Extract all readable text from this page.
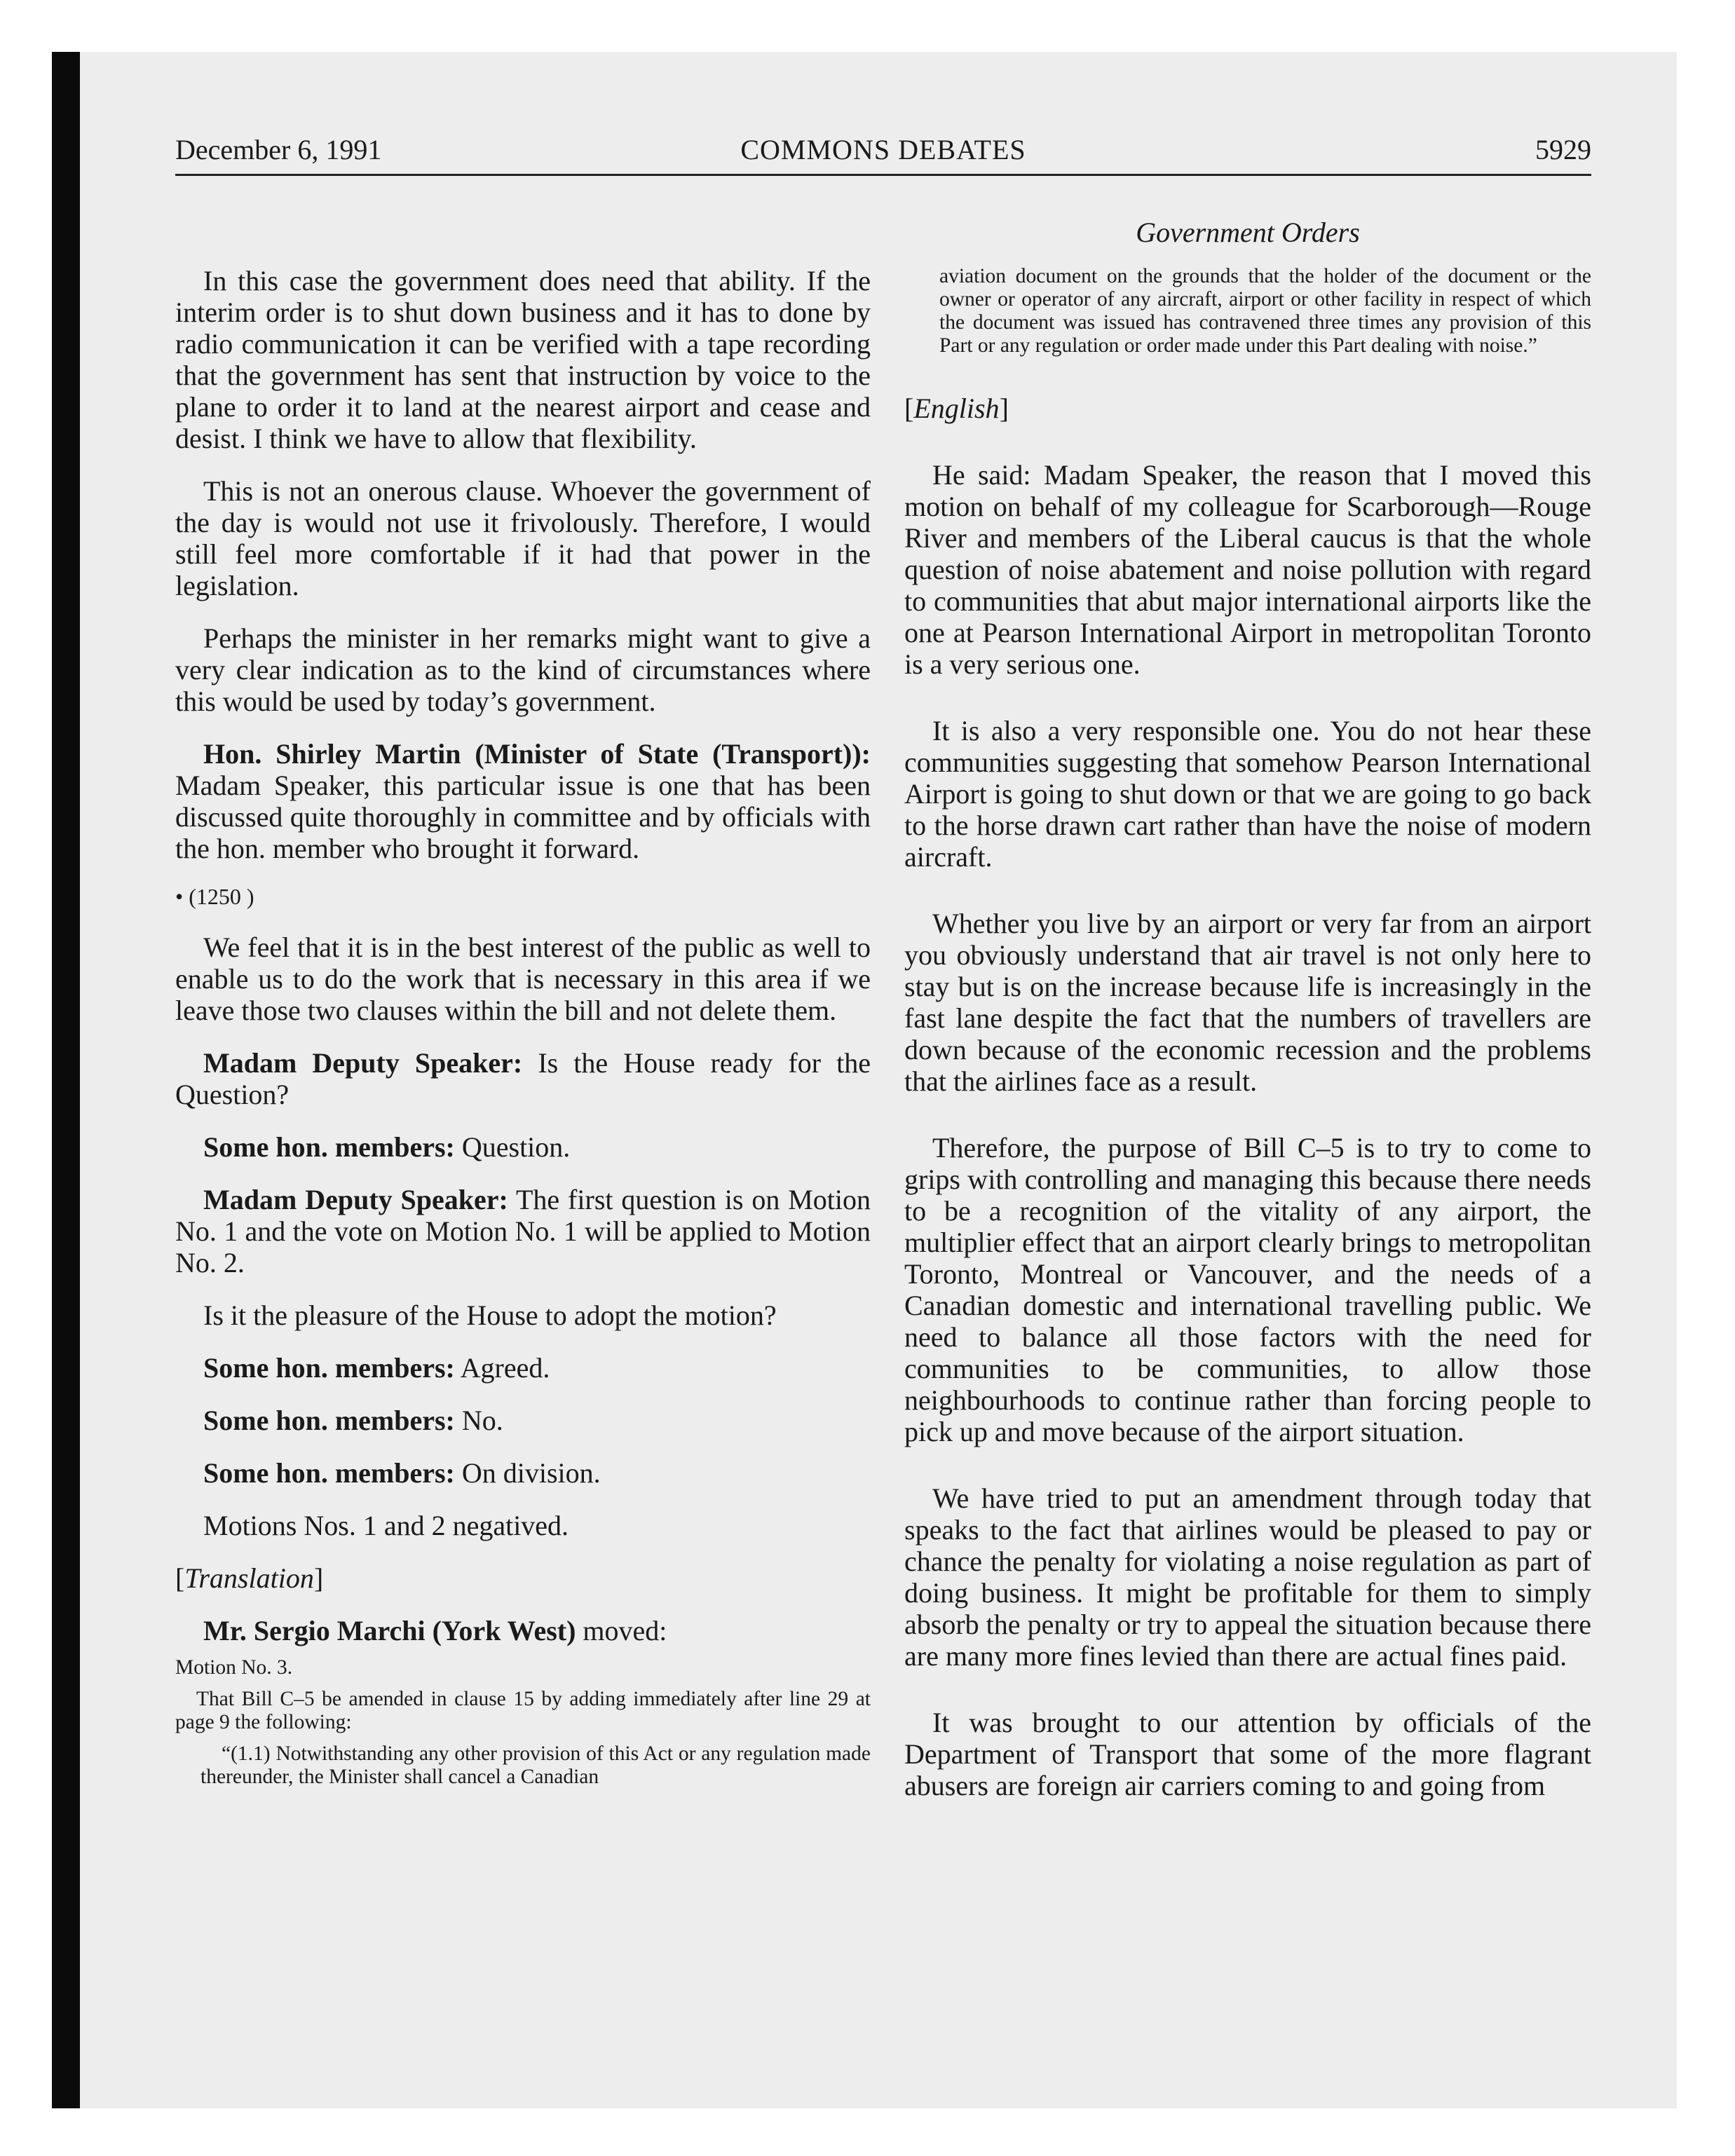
December 6, 1991	COMMONS DEBATES	5929
Government Orders

In this case the government does need that ability. If the interim order is to shut down business and it has to done by radio communication it can be verified with a tape recording that the government has sent that instruction by voice to the plane to order it to land at the nearest airport and cease and desist. I think we have to allow that flexibility.

This is not an onerous clause. Whoever the government of the day is would not use it frivolously. Therefore, I would still feel more comfortable if it had that power in the legislation.

Perhaps the minister in her remarks might want to give a very clear indication as to the kind of circumstances where this would be used by today’s government.

Hon. Shirley Martin (Minister of State (Transport)): Madam Speaker, this particular issue is one that has been discussed quite thoroughly in committee and by officials with the hon. member who brought it forward.

• (1250 )

We feel that it is in the best interest of the public as well to enable us to do the work that is necessary in this area if we leave those two clauses within the bill and not delete them.

Madam Deputy Speaker: Is the House ready for the Question?

Some hon. members: Question.

Madam Deputy Speaker: The first question is on Motion No. 1 and the vote on Motion No. 1 will be applied to Motion No. 2.

Is it the pleasure of the House to adopt the motion?

Some hon. members: Agreed.

Some hon. members: No.

Some hon. members: On division.

Motions Nos. 1 and 2 negatived.

[Translation]

Mr. Sergio Marchi (York West) moved:

Motion No. 3.

That Bill C–5 be amended in clause 15 by adding immediately after line 29 at page 9 the following:

“(1.1) Notwithstanding any other provision of this Act or any regulation made thereunder, the Minister shall cancel a Canadian

aviation document on the grounds that the holder of the document or the owner or operator of any aircraft, airport or other facility in respect of which the document was issued has contravened three times any provision of this Part or any regulation or order made under this Part dealing with noise.”

[English]

He said: Madam Speaker, the reason that I moved this motion on behalf of my colleague for Scarborough—Rouge River and members of the Liberal caucus is that the whole question of noise abatement and noise pollution with regard to communities that abut major international airports like the one at Pearson International Airport in metropolitan Toronto is a very serious one.

It is also a very responsible one. You do not hear these communities suggesting that somehow Pearson International Airport is going to shut down or that we are going to go back to the horse drawn cart rather than have the noise of modern aircraft.

Whether you live by an airport or very far from an airport you obviously understand that air travel is not only here to stay but is on the increase because life is increasingly in the fast lane despite the fact that the numbers of travellers are down because of the economic recession and the problems that the airlines face as a result.

Therefore, the purpose of Bill C–5 is to try to come to grips with controlling and managing this because there needs to be a recognition of the vitality of any airport, the multiplier effect that an airport clearly brings to metropolitan Toronto, Montreal or Vancouver, and the needs of a Canadian domestic and international travelling public. We need to balance all those factors with the need for communities to be communities, to allow those neighbourhoods to continue rather than forcing people to pick up and move because of the airport situation.

We have tried to put an amendment through today that speaks to the fact that airlines would be pleased to pay or chance the penalty for violating a noise regulation as part of doing business. It might be profitable for them to simply absorb the penalty or try to appeal the situation because there are many more fines levied than there are actual fines paid.

It was brought to our attention by officials of the Department of Transport that some of the more flagrant abusers are foreign air carriers coming to and going from
